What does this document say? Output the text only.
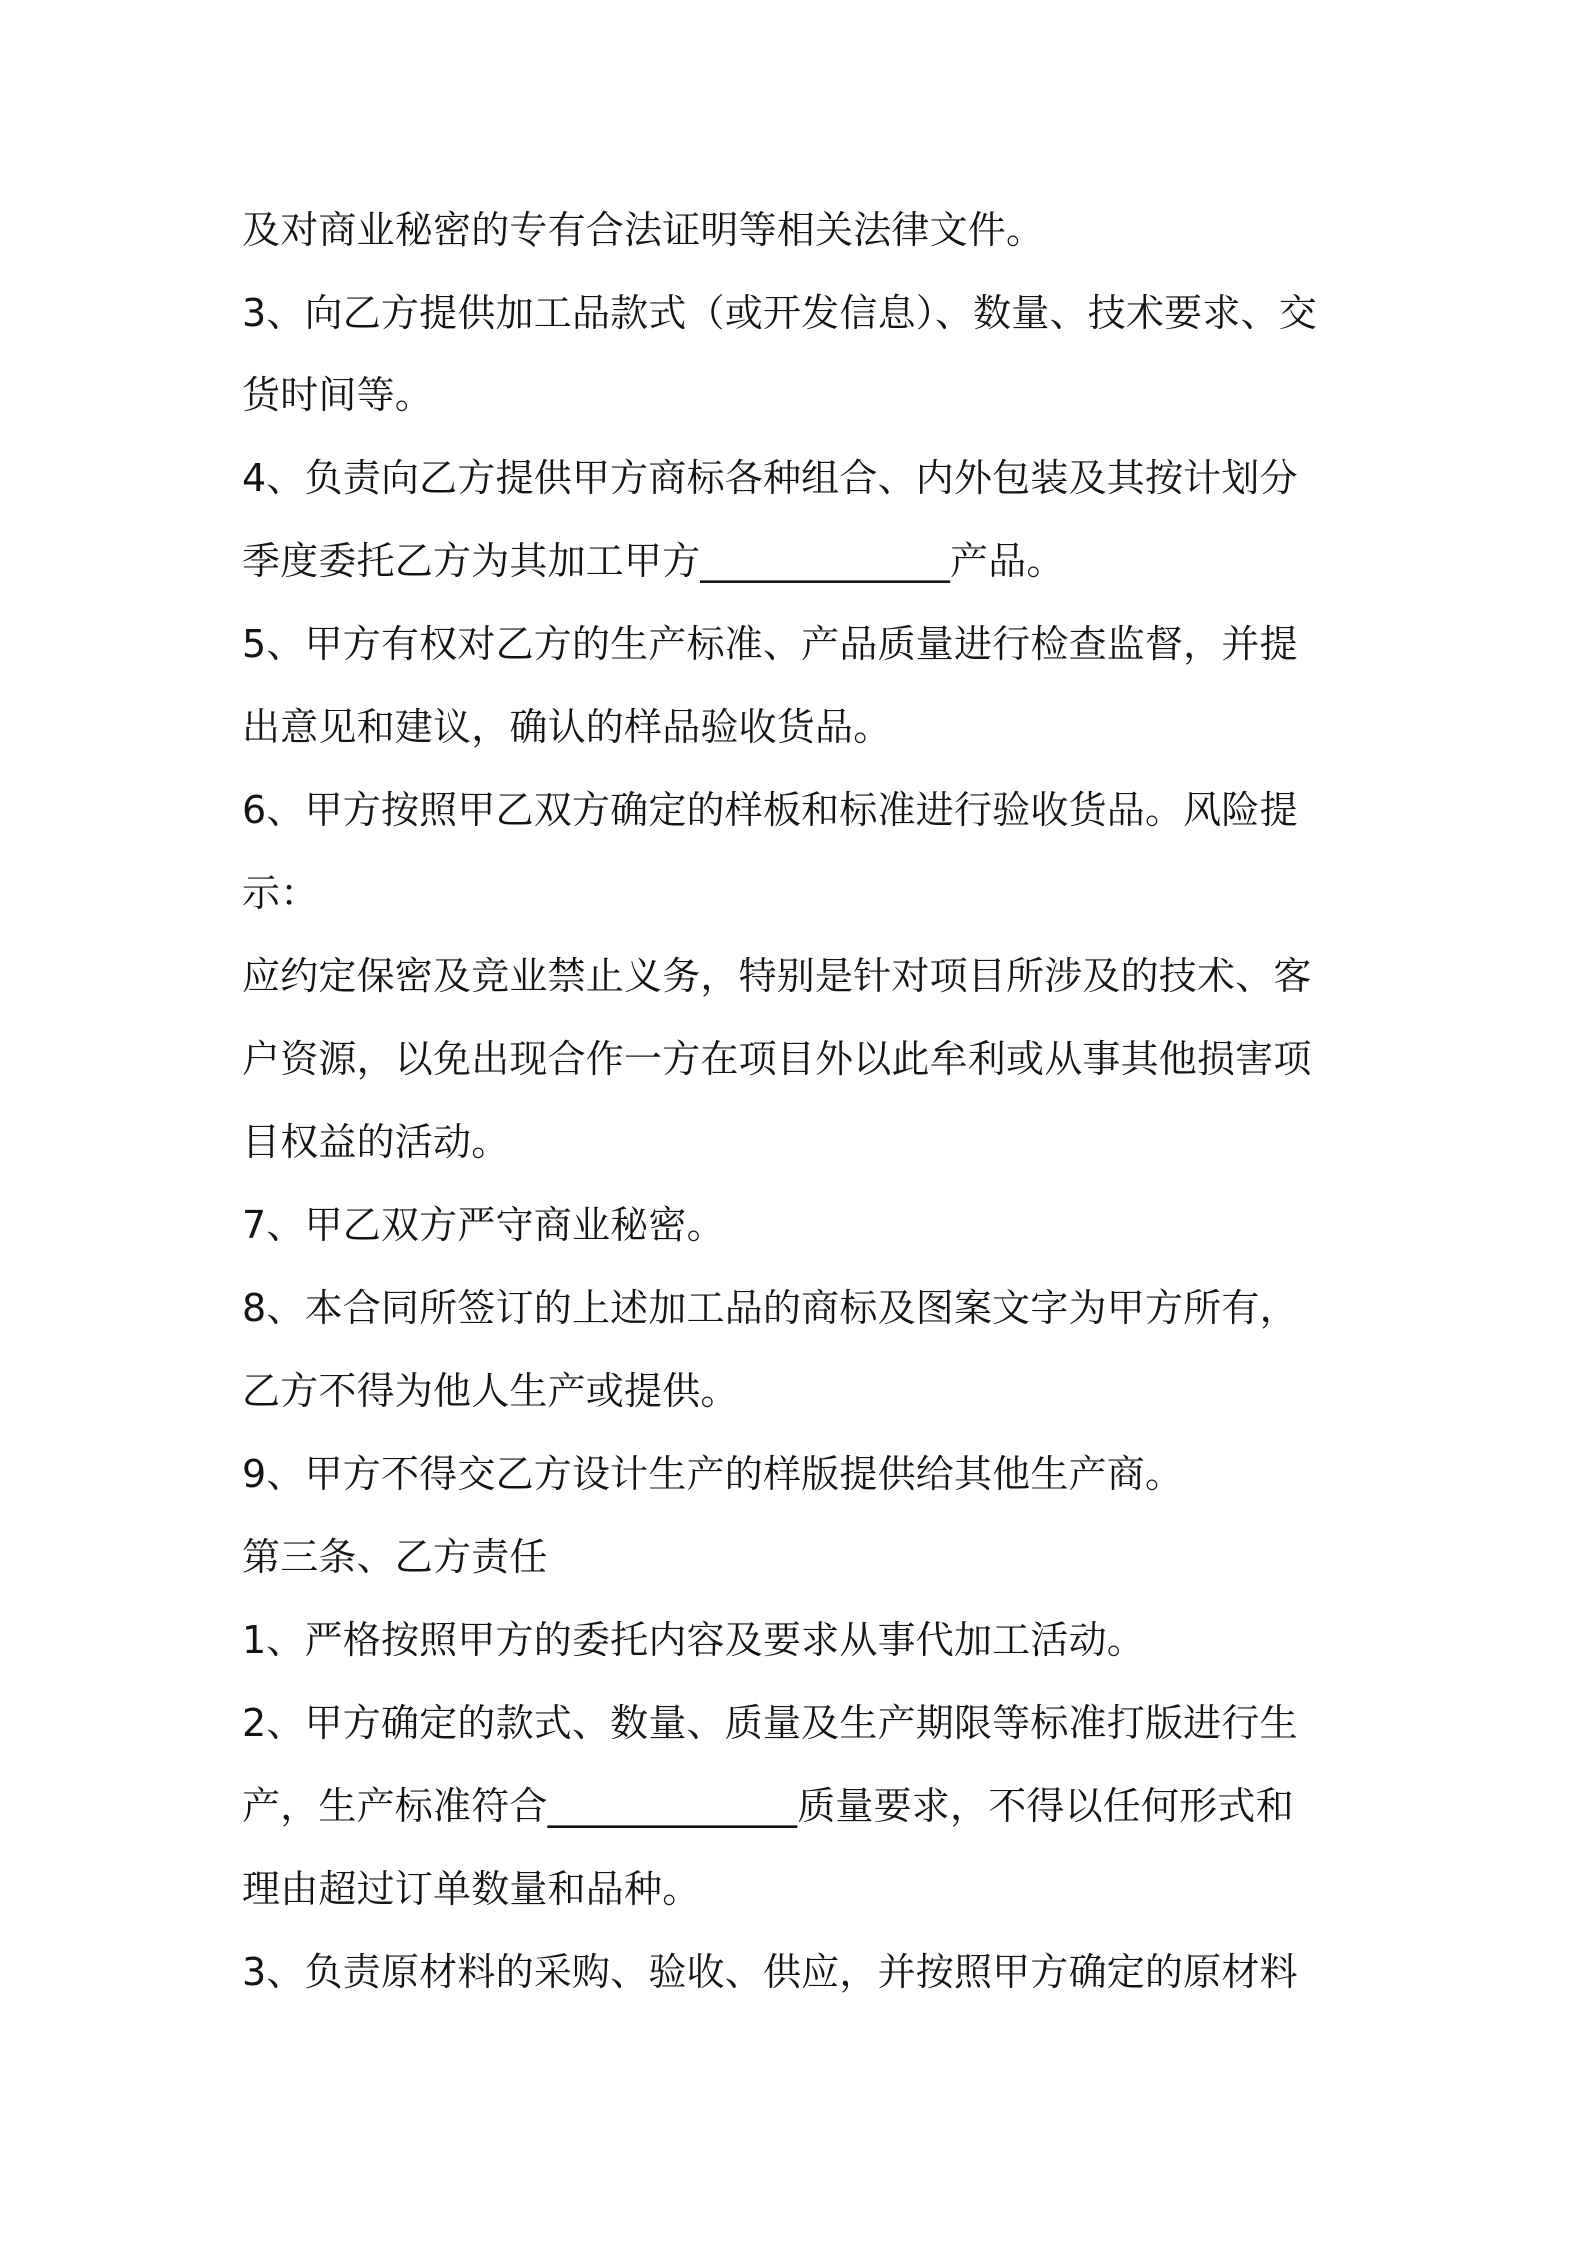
及对商业秘密的专有合法证明等相关法律文件。
3、向乙方提供加工品款式（或开发信息）、数量、技术要求、交
货时间等。
4、负责向乙方提供甲方商标各种组合、内外包装及其按计划分
季度委托乙方为其加工甲方_____________产品。
5、甲方有权对乙方的生产标准、产品质量进行检查监督，并提
出意见和建议，确认的样品验收货品。
6、甲方按照甲乙双方确定的样板和标准进行验收货品。风险提
示：
应约定保密及竞业禁止义务，特别是针对项目所涉及的技术、客
户资源，以免出现合作一方在项目外以此牟利或从事其他损害项
目权益的活动。
7、甲乙双方严守商业秘密。
8、本合同所签订的上述加工品的商标及图案文字为甲方所有，
乙方不得为他人生产或提供。
9、甲方不得交乙方设计生产的样版提供给其他生产商。
第三条、乙方责任
1、严格按照甲方的委托内容及要求从事代加工活动。
2、甲方确定的款式、数量、质量及生产期限等标准打版进行生
产，生产标准符合_____________质量要求，不得以任何形式和
理由超过订单数量和品种。
3、负责原材料的采购、验收、供应，并按照甲方确定的原材料
